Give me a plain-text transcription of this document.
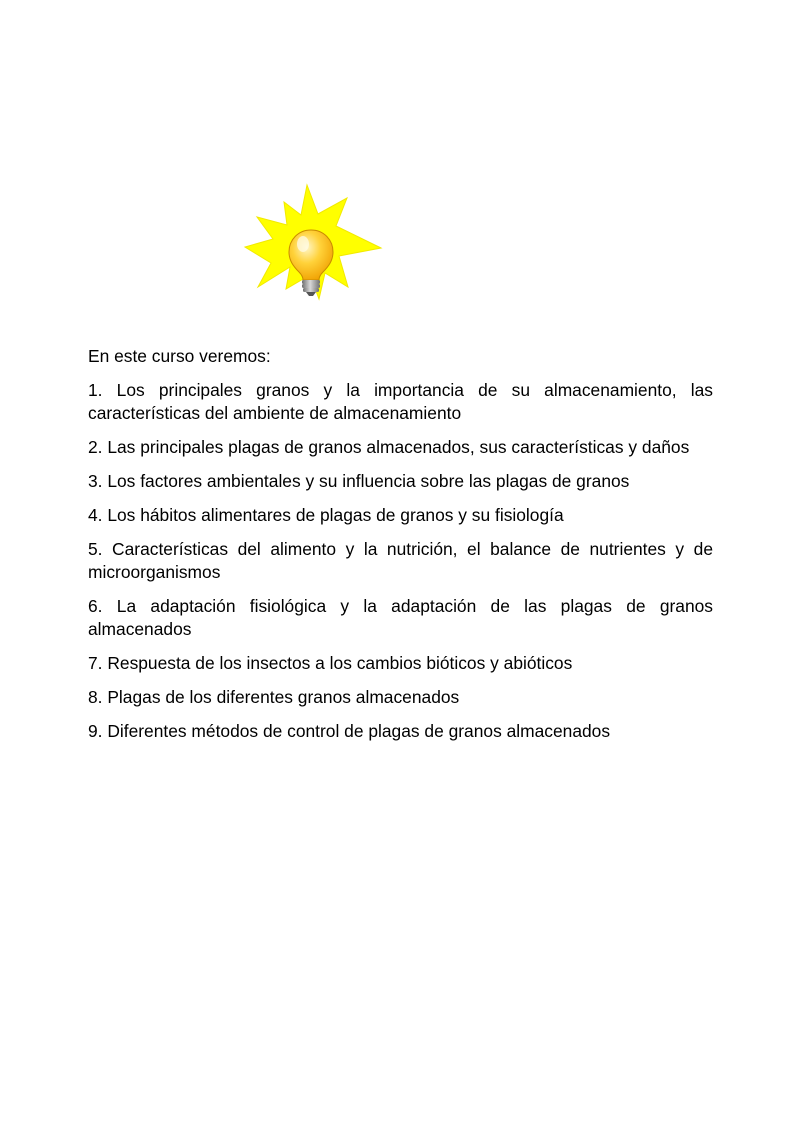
En este curso veremos:

1. Los principales granos y la importancia de su almacenamiento, las características del ambiente de almacenamiento
2. Las principales plagas de granos almacenados, sus características y daños
3. Los factores ambientales y su influencia sobre las plagas de granos
4. Los hábitos alimentares de plagas de granos y su fisiología
5. Características del alimento y la nutrición, el balance de nutrientes y de microorganismos
6. La adaptación fisiológica y la adaptación de las plagas de granos almacenados
7. Respuesta de los insectos a los cambios bióticos y abióticos
8. Plagas de los diferentes granos almacenados
9. Diferentes métodos de control de plagas de granos almacenados
